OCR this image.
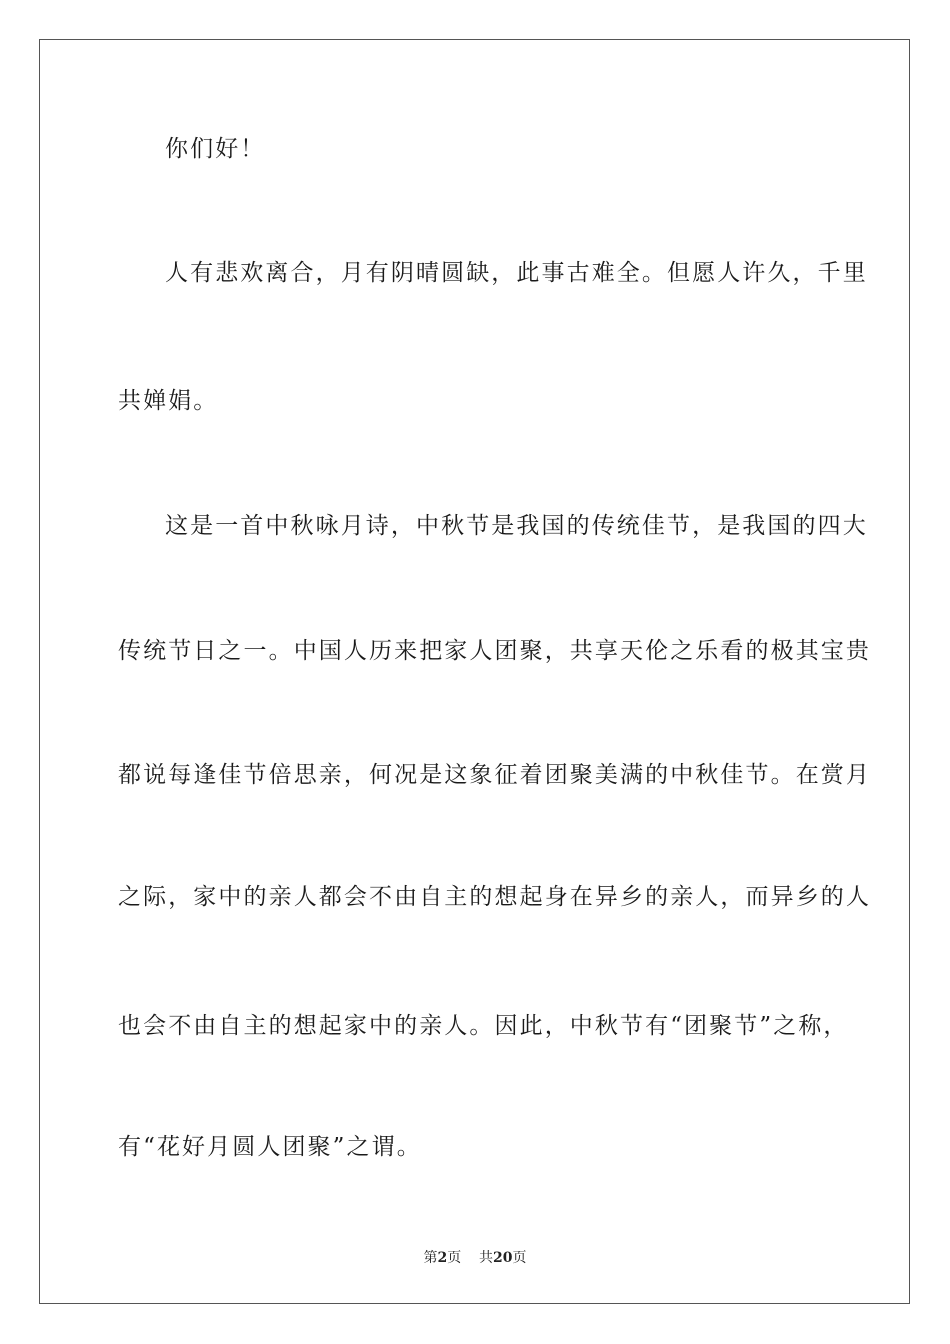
你们好！
人有悲欢离合，月有阴晴圆缺，此事古难全。但愿人许久，千里
共婵娟。
这是一首中秋咏月诗，中秋节是我国的传统佳节，是我国的四大
传统节日之一。中国人历来把家人团聚，共享天伦之乐看的极其宝贵
都说每逢佳节倍思亲，何况是这象征着团聚美满的中秋佳节。在赏月
之际，家中的亲人都会不由自主的想起身在异乡的亲人，而异乡的人
也会不由自主的想起家中的亲人。因此，中秋节有“团聚节”之称，
有“花好月圆人团聚”之谓。
第2页 共20页
